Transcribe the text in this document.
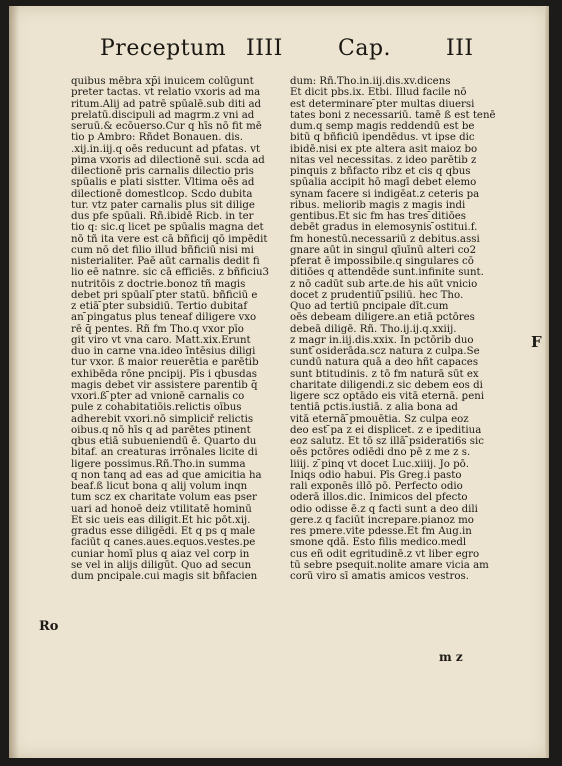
Preceptum IIII	Cap. III
quibus mēbra xp̄i inuicem colūgunt
preter tactas. vt relatio vxoris ad ma
ritum.Alij ad patrē spūalē.sub diti ad
prelatū.discipuli ad magrm.z vni ad
seruū.& ecōuerso.Cur q hīs nō fit mē
tio p Ambro: Rñdet Bonauen. dis.
.xij.in.iij.q oēs reducunt ad pfatas. vt
pima vxoris ad dilectionē sui. scda ad
dilectionē pris carnalis dilectio pris
spūalis e plati sistter. Vltima oēs ad
dilectionē domestlcop. Scdo dubita
tur. vtz pater carnalis plus sit dilige
dus pfe spūali. Rñ.ibidē Ricb. in ter
tio q: sic.q licet pe spūalis magna det
nō tñ ita vere est cā bñficij qō impēdit
cum nō det filio illud bñficiū nisi mi
nisterialiter. Paē aūt carnalis dedit fi
lio eē natnre. sic cā efficiēs. z bñficiu3
nutritōis z doctrie.bonoz tñ magis
debet pri spūali ̄pter statū. bñficiū e
z etiā ̄pter subsidiū. Tertio dubitaf
an ̄pingatus plus teneaf diligere vxo
rē q̄ pentes. Rñ fm Tho.q vxor pīo
git viro vt vna caro. Matt.xix.Erunt
duo in carne vna.ideo īntēsius diligi
tur vxor. ß maior reuerētia e parētib
exhibēda rōne pncipij. Pīs i qbusdas
magis debet vir assistere parentib q̄
vxori.ß ̄pter ad vnionē carnalis co
pule z cohabitatiōis.relictis oībus
adherebit vxori.nō simpliciř relictis
oibus.q nō hīs q ad parētes ptinent
qbus etiā subueniendū ē. Quarto du
bitaf. an creaturas irrōnales licite di
ligere possimus.Rñ.Tho.in summa
q non tanq ad eas ad que amicitia ha
beaf.ß licut bona q alij volum inqn
tum scz ex charitate volum eas pser
uari ad honoē deiz vtilitatē hominū
Et sic ueis eas diligit.Et hic pōt.xij.
gradus esse diligēdi. Et q ps q male
faciūt q canes.aues.equos.vestes.pe
cuniar homī plus q aiaz vel corp in
se vel in alijs diligūt. Quo ad secun
dum pncipale.cui magis sit bñfacien
dum: Rñ.Tho.in.iij.dis.xv.dicens
Et dicit pbs.ix. Etbi. Illud facile nō
est determinare ̄pter multas diuersi
tates boni z necessariū. tamē ß est tenē
dum.q semp magis reddendū est be
bitū q bñficiū ipendēdus. vt ipse dic
ibidē.nisi ex pte altera asit maioz bo
nitas vel necessitas. z ideo parētib z
̄pinquis z bñfacto ribz et cis q qbus
spūalia accipit hō magī debet elemo
synam facere si indigēat.z ceteris pa
ribus. meliorib magis z magis indi
gentibus.Et sic fm has tres ̄ditiōes
debēt gradus in elemosynis ̄ostitui.f.
fm honestū.necessariū z debitus.assi
gnare aūt in singul qīuīnū alteri co2
pferat ē impossibile.q singulares cō
ditiōes q attendēde sunt.infinite sunt.
z nō cadūt sub arte.de his aūt vnicio
docet z prudentiū ̄psiliū. hec Tho.
Quo ad tertiū pncipale dīt.cum
oēs debeam diligere.an etiā pctōres
debeā diligē. Rñ. Tho.ij.ij.q.xxiij.
z magr in.iij.dis.xxix. In pctōrib duo
sunt ̄osiderāda.scz natura z culpa.Se
cundū natura quā a deo hñt capaces
sunt btitudinis. z tō fm naturā sūt ex
charitate diligendi.z sic debem eos di
ligere scz optādo eis vitā eternā. ꝑeni
tentiā ꝑctis.iustiā. z alia bona ad
vitā eternā ̄pmouētia. Sz culpa eoz
deo est ̄pa z ei displicet. z e ipeditiua
eoz salutz. Et tō sz illā ̄psiderati6s sic
oēs pctōres odiēdi dno pē z me z s.
liiij. z ̄pinq vt docet Luc.xiiij. Jo pō.
Iniqs odio habui. Pīs Greg.i pasto
rali exponēs illō pō. Perfecto odio
oderā illos.dic. Inimicos del pfecto
odio odisse ē.z q facti sunt a deo dili
gere.z q faciūt increpare.pianoz mo
res pmere.vite pdesse.Et fm Aug.in
smone qdā. Esto filis medico.medl
cus eñ odit egritudinē.z vt liber egro
tū sebre psequit.nolite amare vicia am
corū viro sī amatis amicos vestros.
Ro
F
m z
s
